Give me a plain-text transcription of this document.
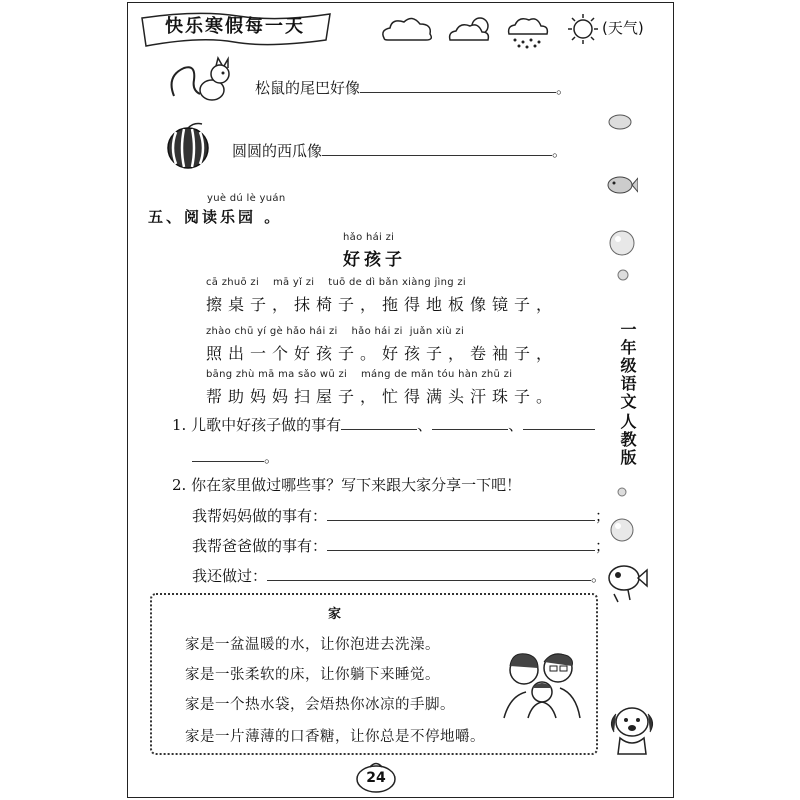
快乐寒假每一天	(天气)
松鼠的尾巴好像	。
圆圆的西瓜像	。
yuè dú lè yuán
五、阅读乐园 。
hǎo hái zi
好孩子
cā zhuō zi    mā yǐ zi    tuō de dì bǎn xiàng jìng zi
擦桌子，抹椅子，拖得地板像镜子，
zhào chū yí gè hǎo hái zi    hǎo hái zi  juǎn xiù zi
照出一个好孩子。好孩子，卷袖子，
bāng zhù mā ma sǎo wū zi    máng de mǎn tóu hàn zhū zi
帮助妈妈扫屋子，忙得满头汗珠子。
1. 儿歌中好孩子做的事有	、	、
。
2. 你在家里做过哪些事？写下来跟大家分享一下吧！
我帮妈妈做的事有：	；
我帮爸爸做的事有：	；
我还做过：	。
一年级语文
人教版
家
家是一盆温暖的水，让你泡进去洗澡。
家是一张柔软的床，让你躺下来睡觉。
家是一个热水袋，会焐热你冰凉的手脚。
家是一片薄薄的口香糖，让你总是不停地嚼。
24
